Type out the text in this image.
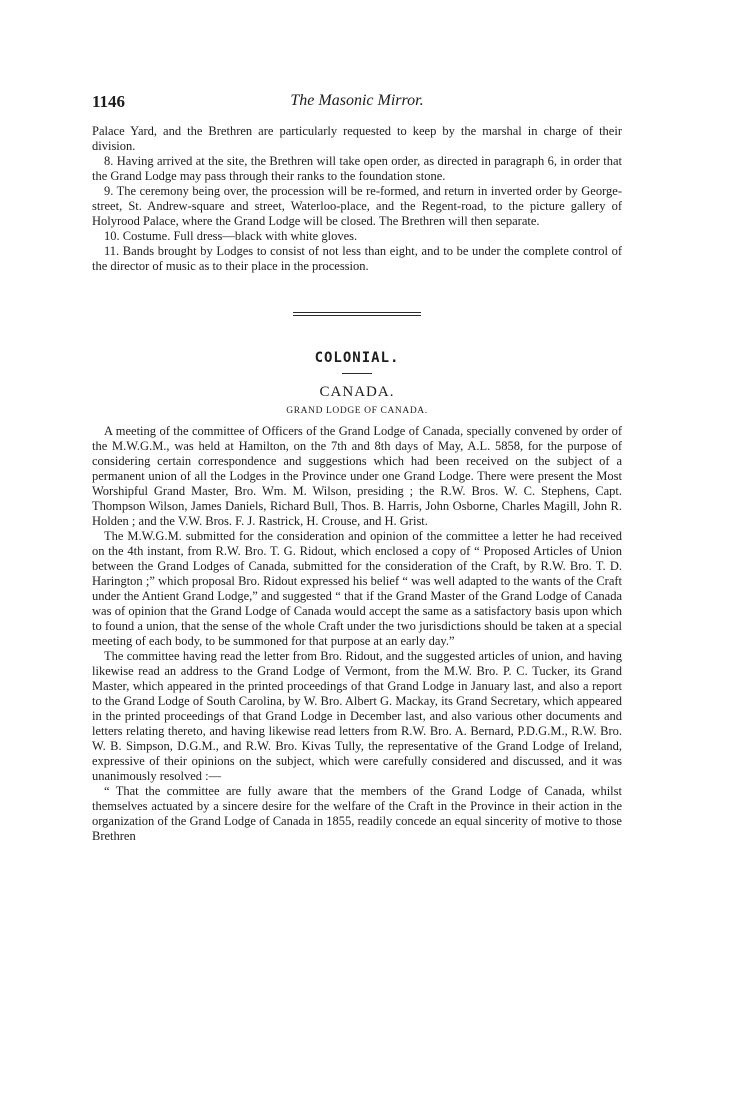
1146	The Masonic Mirror.

Palace Yard, and the Brethren are particularly requested to keep by the marshal in charge of their division.

8. Having arrived at the site, the Brethren will take open order, as directed in paragraph 6, in order that the Grand Lodge may pass through their ranks to the foundation stone.

9. The ceremony being over, the procession will be re-formed, and return in inverted order by George-street, St. Andrew-square and street, Waterloo-place, and the Regent-road, to the picture gallery of Holyrood Palace, where the Grand Lodge will be closed. The Brethren will then separate.

10. Costume. Full dress—black with white gloves.

11. Bands brought by Lodges to consist of not less than eight, and to be under the complete control of the director of music as to their place in the procession.

COLONIAL.
CANADA.
GRAND LODGE OF CANADA.

A meeting of the committee of Officers of the Grand Lodge of Canada, specially convened by order of the M.W.G.M., was held at Hamilton, on the 7th and 8th days of May, A.L. 5858, for the purpose of considering certain correspondence and suggestions which had been received on the subject of a permanent union of all the Lodges in the Province under one Grand Lodge. There were present the Most Worshipful Grand Master, Bro. Wm. M. Wilson, presiding ; the R.W. Bros. W. C. Stephens, Capt. Thompson Wilson, James Daniels, Richard Bull, Thos. B. Harris, John Osborne, Charles Magill, John R. Holden ; and the V.W. Bros. F. J. Rastrick, H. Crouse, and H. Grist.

The M.W.G.M. submitted for the consideration and opinion of the committee a letter he had received on the 4th instant, from R.W. Bro. T. G. Ridout, which enclosed a copy of “ Proposed Articles of Union between the Grand Lodges of Canada, submitted for the consideration of the Craft, by R.W. Bro. T. D. Harington ;” which proposal Bro. Ridout expressed his belief “ was well adapted to the wants of the Craft under the Antient Grand Lodge,” and suggested “ that if the Grand Master of the Grand Lodge of Canada was of opinion that the Grand Lodge of Canada would accept the same as a satisfactory basis upon which to found a union, that the sense of the whole Craft under the two jurisdictions should be taken at a special meeting of each body, to be summoned for that purpose at an early day.”

The committee having read the letter from Bro. Ridout, and the suggested articles of union, and having likewise read an address to the Grand Lodge of Vermont, from the M.W. Bro. P. C. Tucker, its Grand Master, which appeared in the printed proceedings of that Grand Lodge in January last, and also a report to the Grand Lodge of South Carolina, by W. Bro. Albert G. Mackay, its Grand Secretary, which appeared in the printed proceedings of that Grand Lodge in December last, and also various other documents and letters relating thereto, and having likewise read letters from R.W. Bro. A. Bernard, P.D.G.M., R.W. Bro. W. B. Simpson, D.G.M., and R.W. Bro. Kivas Tully, the representative of the Grand Lodge of Ireland, expressive of their opinions on the subject, which were carefully considered and discussed, and it was unanimously resolved :—

“ That the committee are fully aware that the members of the Grand Lodge of Canada, whilst themselves actuated by a sincere desire for the welfare of the Craft in the Province in their action in the organization of the Grand Lodge of Canada in 1855, readily concede an equal sincerity of motive to those Brethren
